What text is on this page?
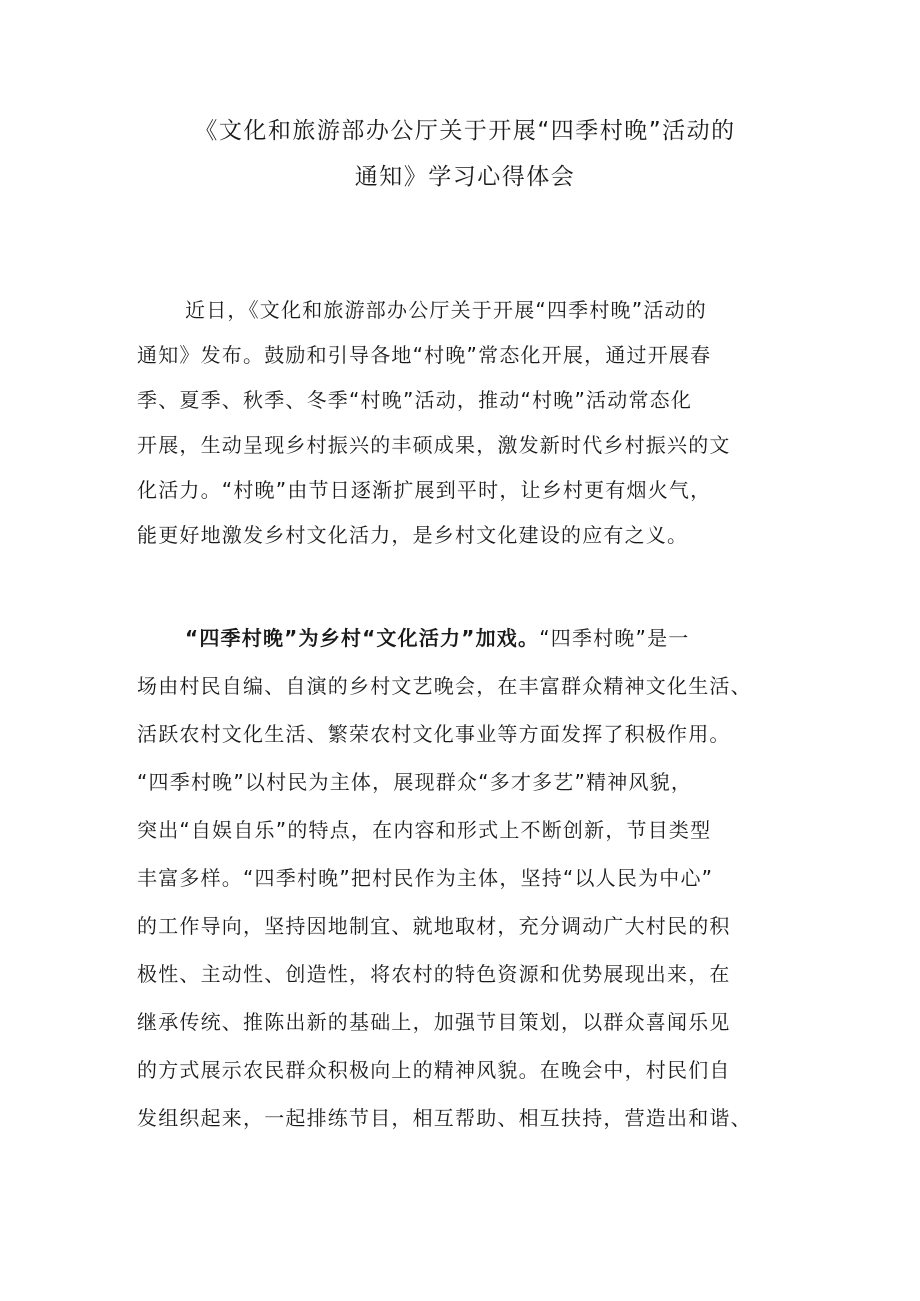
《文化和旅游部办公厅关于开展“四季村晚”活动的
通知》学习心得体会
近日，《文化和旅游部办公厅关于开展“四季村晚”活动的
通知》发布。鼓励和引导各地“村晚”常态化开展，通过开展春
季、夏季、秋季、冬季“村晚”活动，推动“村晚”活动常态化
开展，生动呈现乡村振兴的丰硕成果，激发新时代乡村振兴的文
化活力。“村晚”由节日逐渐扩展到平时，让乡村更有烟火气，
能更好地激发乡村文化活力，是乡村文化建设的应有之义。
“四季村晚”为乡村“文化活力”加戏。“四季村晚”是一
场由村民自编、自演的乡村文艺晚会，在丰富群众精神文化生活、
活跃农村文化生活、繁荣农村文化事业等方面发挥了积极作用。
“四季村晚”以村民为主体，展现群众“多才多艺”精神风貌，
突出“自娱自乐”的特点，在内容和形式上不断创新，节目类型
丰富多样。“四季村晚”把村民作为主体，坚持“以人民为中心”
的工作导向，坚持因地制宜、就地取材，充分调动广大村民的积
极性、主动性、创造性，将农村的特色资源和优势展现出来，在
继承传统、推陈出新的基础上，加强节目策划，以群众喜闻乐见
的方式展示农民群众积极向上的精神风貌。在晚会中，村民们自
发组织起来，一起排练节目，相互帮助、相互扶持，营造出和谐、
